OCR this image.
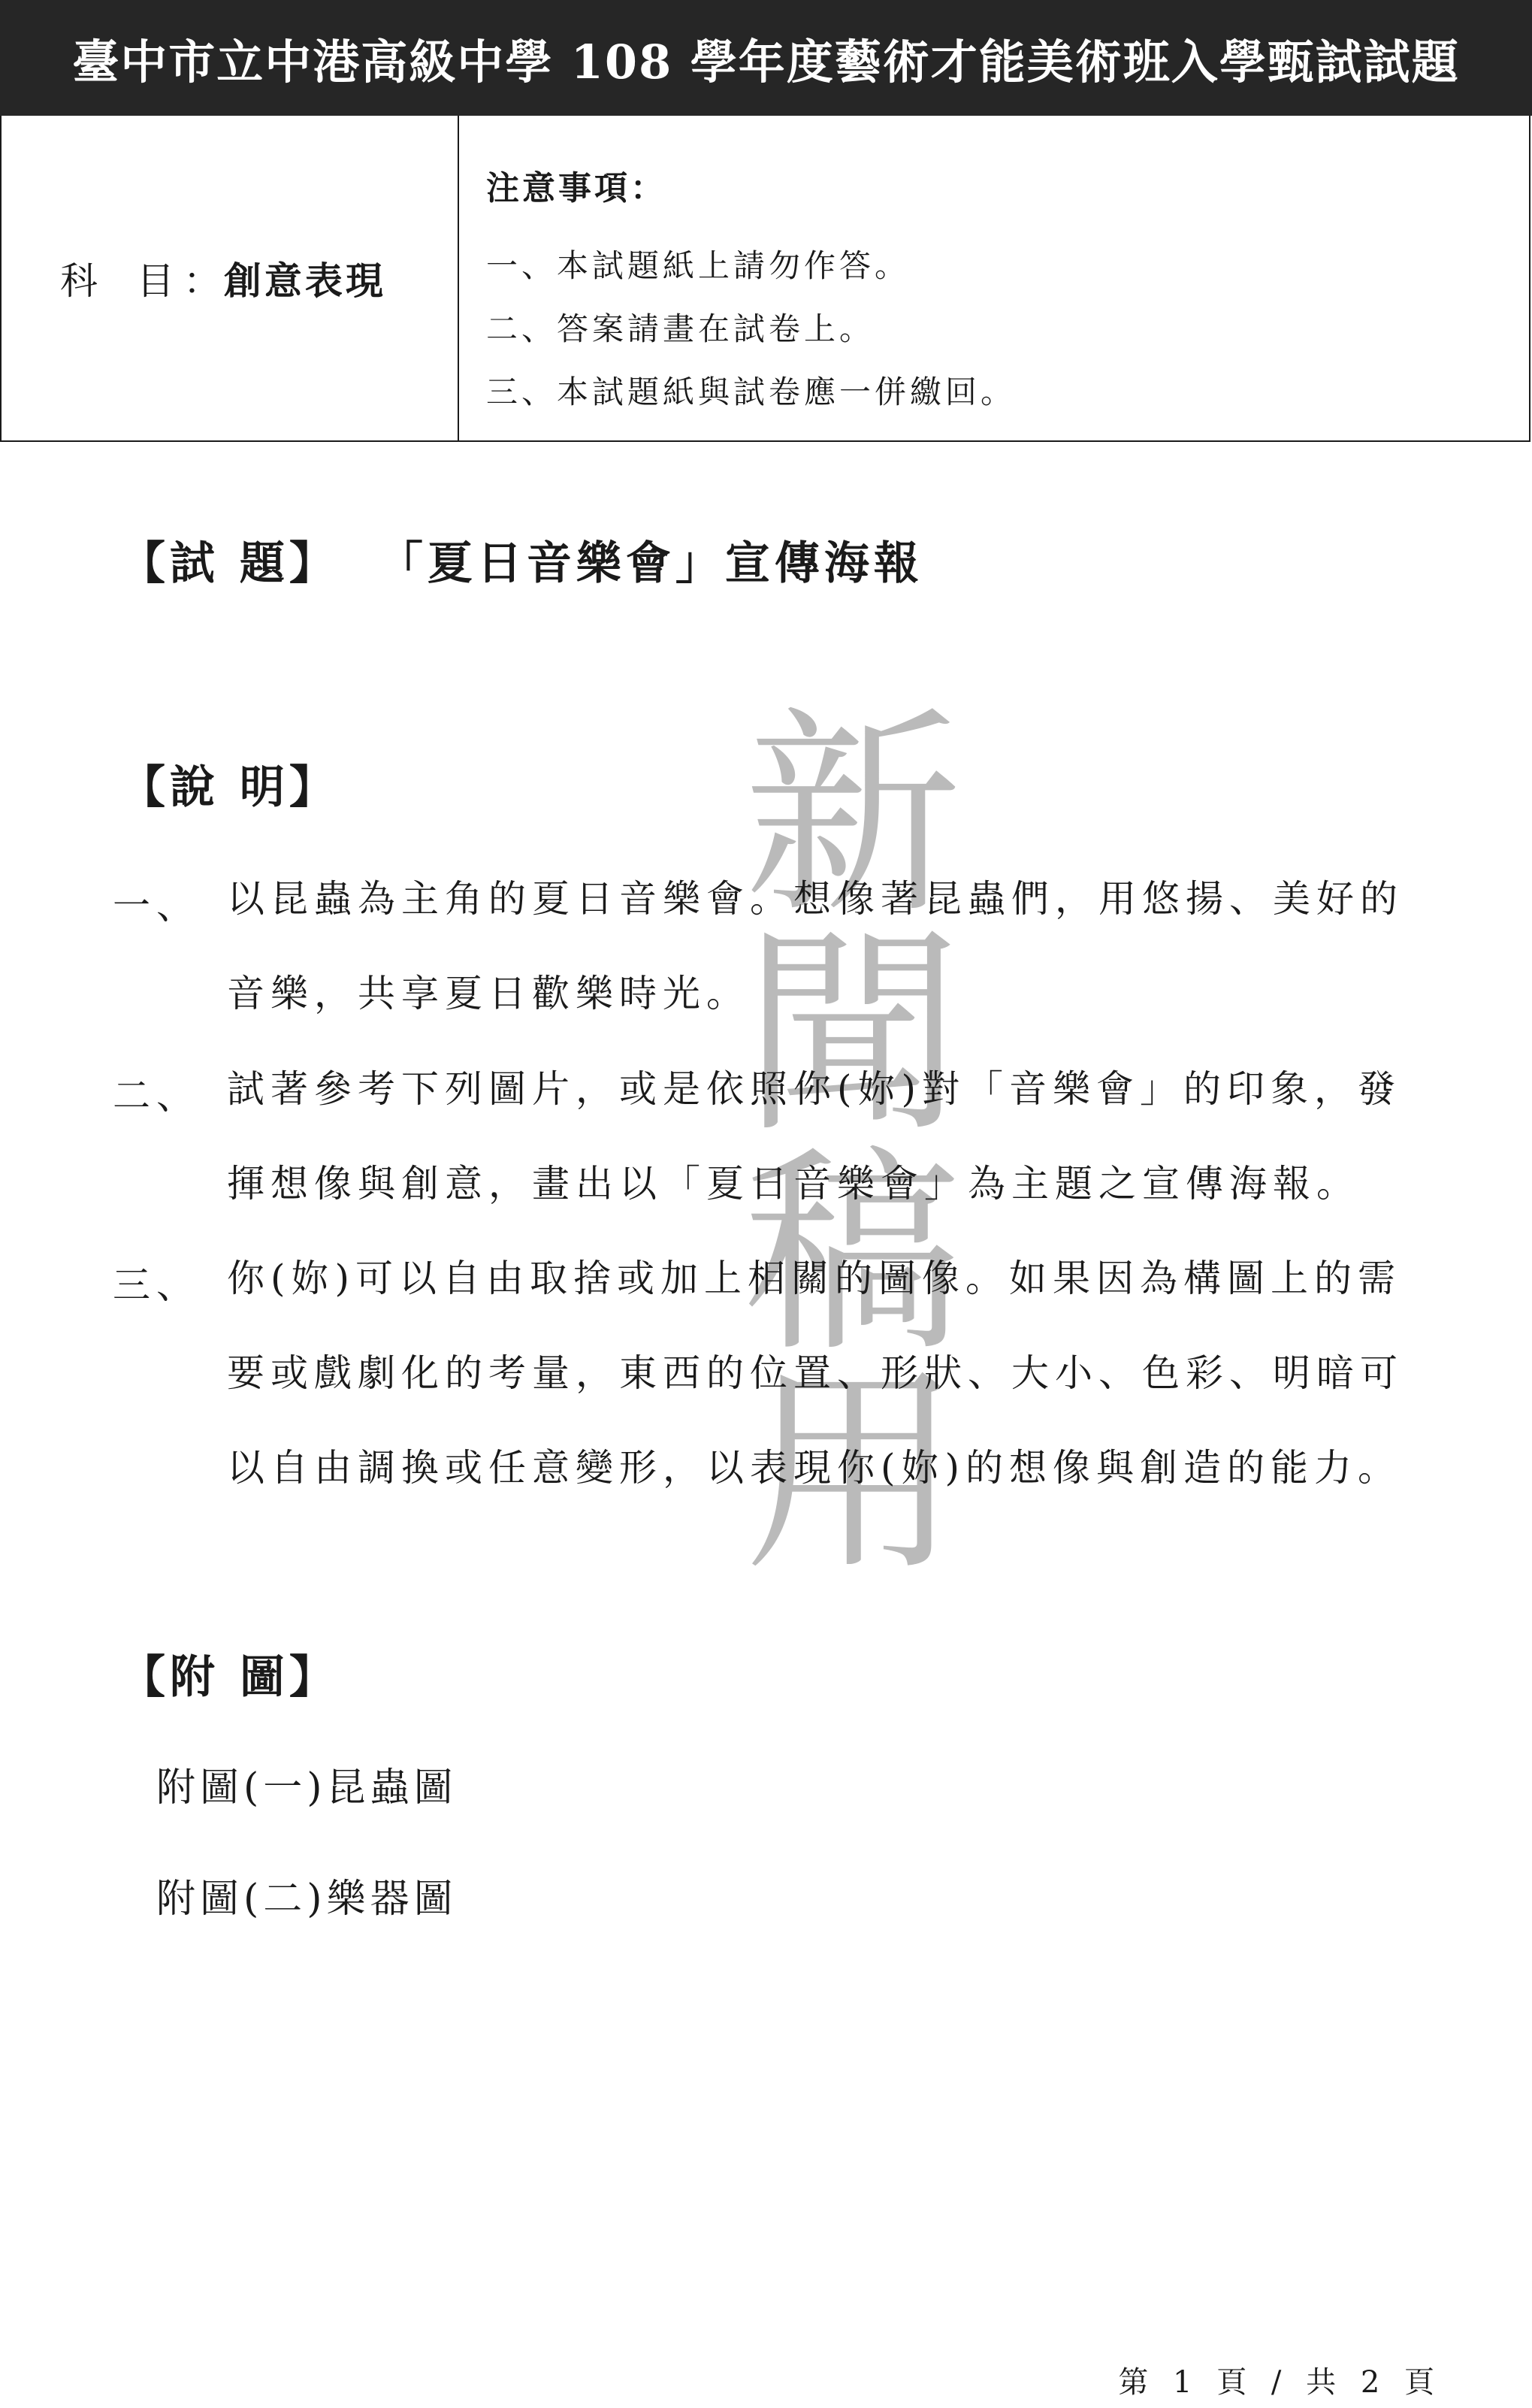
臺中市立中港高級中學 108 學年度藝術才能美術班入學甄試試題
科 目
： 創意表現
注意事項：
一、本試題紙上請勿作答。
二、答案請畫在試卷上。
三、本試題紙與試卷應一併繳回。
新
聞
稿
用
【試 題】 「夏日音樂會」宣傳海報
【說 明】
一、 以昆蟲為主角的夏日音樂會。想像著昆蟲們，用悠揚、美好的
音樂，共享夏日歡樂時光。
二、 試著參考下列圖片，或是依照你(妳)對「音樂會」的印象，發
揮想像與創意，畫出以「夏日音樂會」為主題之宣傳海報。
三、 你(妳)可以自由取捨或加上相關的圖像。如果因為構圖上的需
要或戲劇化的考量，東西的位置、形狀、大小、色彩、明暗可
以自由調換或任意變形，以表現你(妳)的想像與創造的能力。
【附 圖】
附圖(一)昆蟲圖
附圖(二)樂器圖
第 1 頁 / 共 2 頁
